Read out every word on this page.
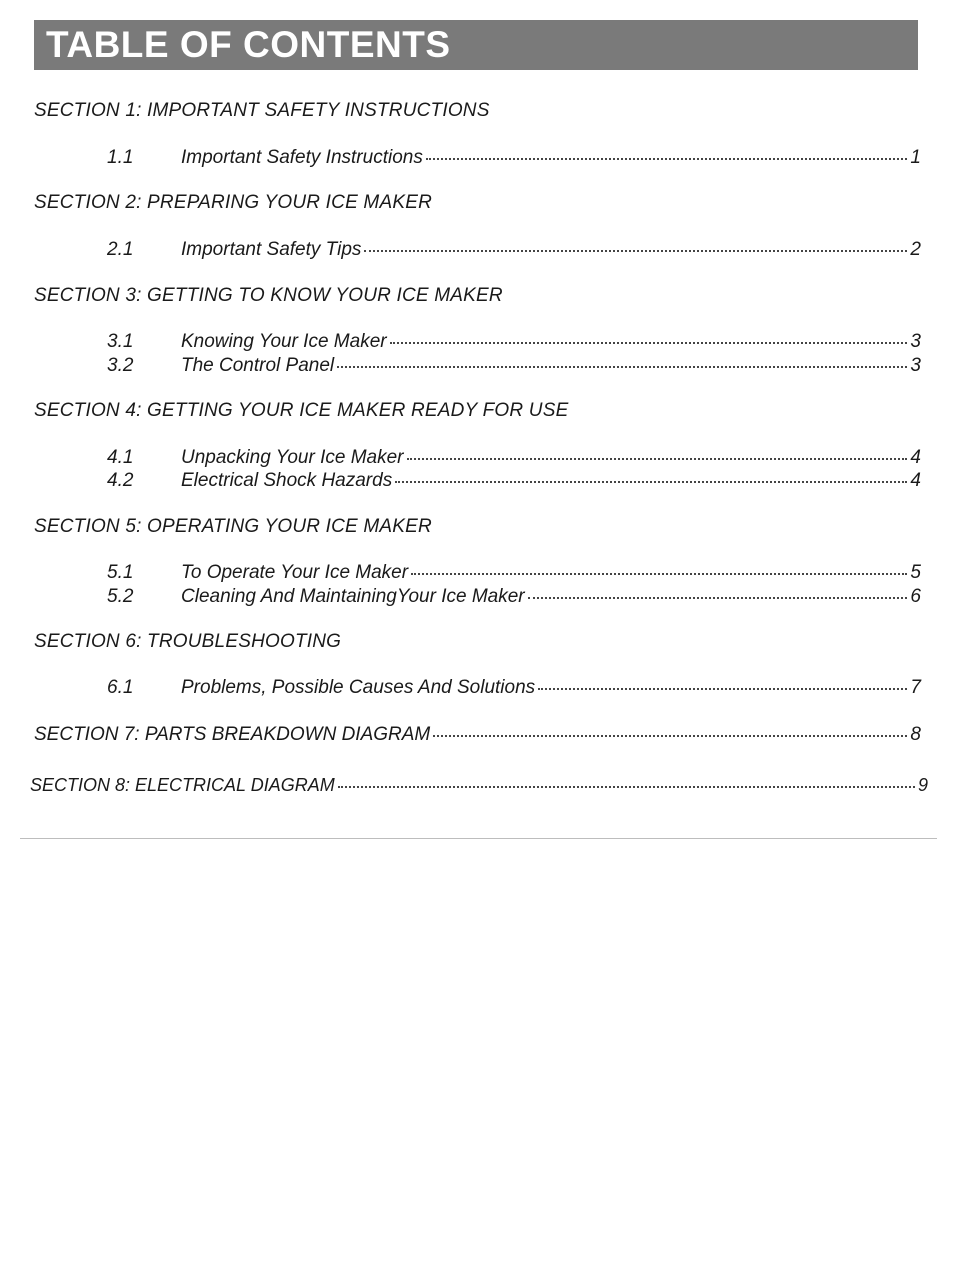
TABLE OF CONTENTS
SECTION 1: IMPORTANT SAFETY INSTRUCTIONS
1.1	Important Safety Instructions	1
SECTION 2: PREPARING YOUR ICE MAKER
2.1	Important Safety Tips	2
SECTION 3: GETTING TO KNOW YOUR ICE MAKER
3.1	Knowing Your Ice Maker	3
3.2	The Control Panel	3
SECTION 4: GETTING YOUR ICE MAKER READY FOR USE
4.1	Unpacking Your Ice Maker	4
4.2	Electrical Shock Hazards	4
SECTION 5: OPERATING YOUR ICE MAKER
5.1	To Operate Your Ice Maker	5
5.2	Cleaning And MaintainingYour Ice Maker	6
SECTION 6: TROUBLESHOOTING
6.1	Problems, Possible Causes And Solutions	7
SECTION 7: PARTS BREAKDOWN DIAGRAM	8
SECTION 8: ELECTRICAL DIAGRAM	9
